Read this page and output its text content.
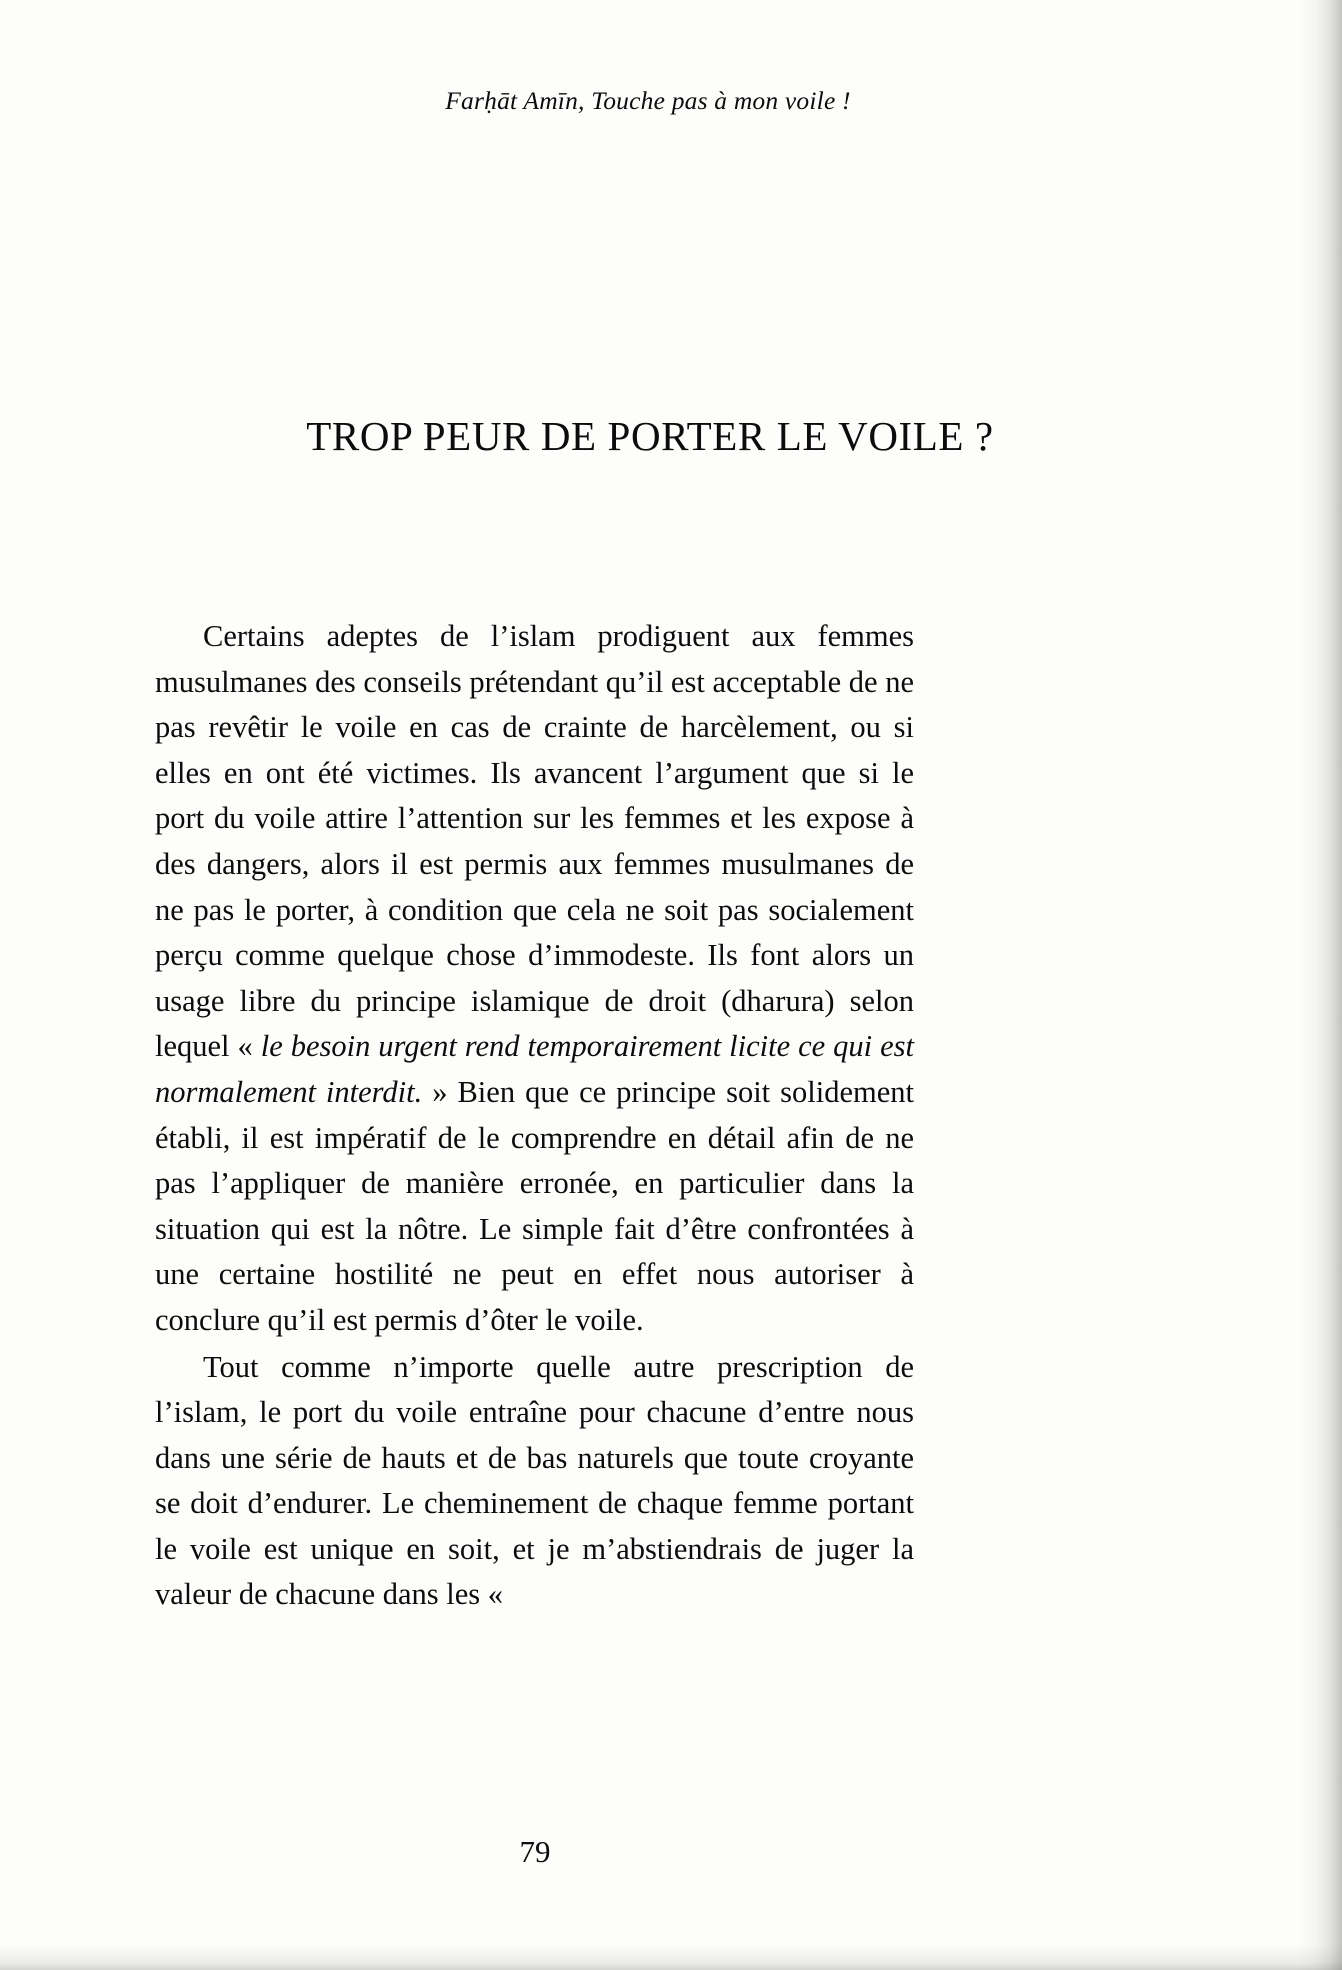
Farḥāt Amīn, Touche pas à mon voile !
TROP PEUR DE PORTER LE VOILE ?

Certains adeptes de l’islam prodiguent aux femmes musulmanes des conseils prétendant qu’il est acceptable de ne pas revêtir le voile en cas de crainte de harcèlement, ou si elles en ont été victimes. Ils avancent l’argument que si le port du voile attire l’attention sur les femmes et les expose à des dangers, alors il est permis aux femmes musulmanes de ne pas le porter, à condition que cela ne soit pas socialement perçu comme quelque chose d’immodeste. Ils font alors un usage libre du principe islamique de droit (dharura) selon lequel « le besoin urgent rend temporairement licite ce qui est normalement interdit. » Bien que ce principe soit solidement établi, il est impératif de le comprendre en détail afin de ne pas l’appliquer de manière erronée, en particulier dans la situation qui est la nôtre. Le simple fait d’être confrontées à une certaine hostilité ne peut en effet nous autoriser à conclure qu’il est permis d’ôter le voile.

Tout comme n’importe quelle autre prescription de l’islam, le port du voile entraîne pour chacune d’entre nous dans une série de hauts et de bas naturels que toute croyante se doit d’endurer. Le cheminement de chaque femme portant le voile est unique en soit, et je m’abstiendrais de juger la valeur de chacune dans les «

79
